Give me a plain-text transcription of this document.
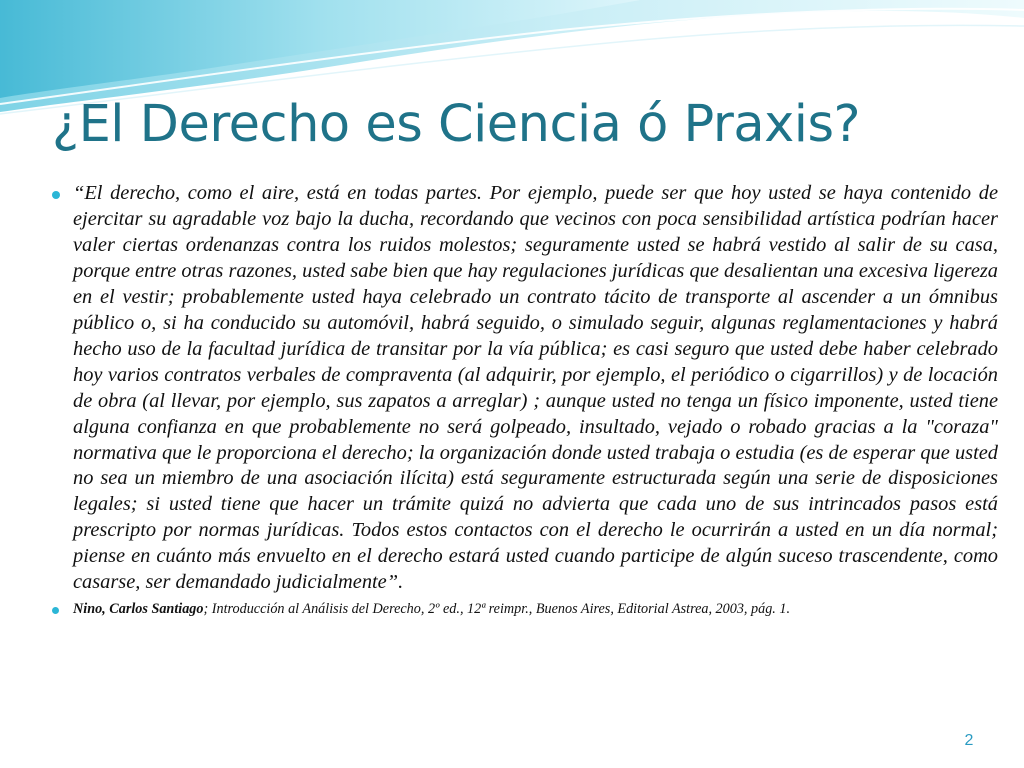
¿El Derecho es Ciencia ó Praxis?
“El derecho, como el aire, está en todas partes. Por ejemplo, puede ser que hoy usted se haya contenido de ejercitar su agradable voz bajo la ducha, recordando que vecinos con poca sensibilidad artística podrían hacer valer ciertas ordenanzas contra los ruidos molestos; seguramente usted se habrá vestido al salir de su casa, porque entre otras razones, usted sabe bien que hay regulaciones jurídicas que desalientan una excesiva ligereza en el vestir; probablemente usted haya celebrado un contrato tácito de transporte al ascender a un ómnibus público o, si ha conducido su automóvil, habrá seguido, o simulado seguir, algunas reglamentaciones y habrá hecho uso de la facultad jurídica de transitar por la vía pública; es casi seguro que usted debe haber celebrado hoy varios contratos verbales de compraventa (al adquirir, por ejemplo, el periódico o cigarrillos) y de locación de obra (al llevar, por ejemplo, sus zapatos a arreglar) ; aunque usted no tenga un físico imponente, usted tiene alguna confianza en que probablemente no será golpeado, insultado, vejado o robado gracias a la "coraza" normativa que le proporciona el derecho; la organización donde usted trabaja o estudia (es de esperar que usted no sea un miembro de una asociación ilícita) está seguramente estructurada según una serie de disposiciones legales; si usted tiene que hacer un trámite quizá no advierta que cada uno de sus intrincados pasos está prescripto por normas jurídicas. Todos estos contactos con el derecho le ocurrirán a usted en un día normal; piense en cuánto más envuelto en el derecho estará usted cuando participe de algún suceso trascendente, como casarse, ser demandado judicialmente”.
Nino, Carlos Santiago; Introducción al Análisis del Derecho, 2º ed., 12ª reimpr., Buenos Aires, Editorial Astrea, 2003, pág. 1.
2
